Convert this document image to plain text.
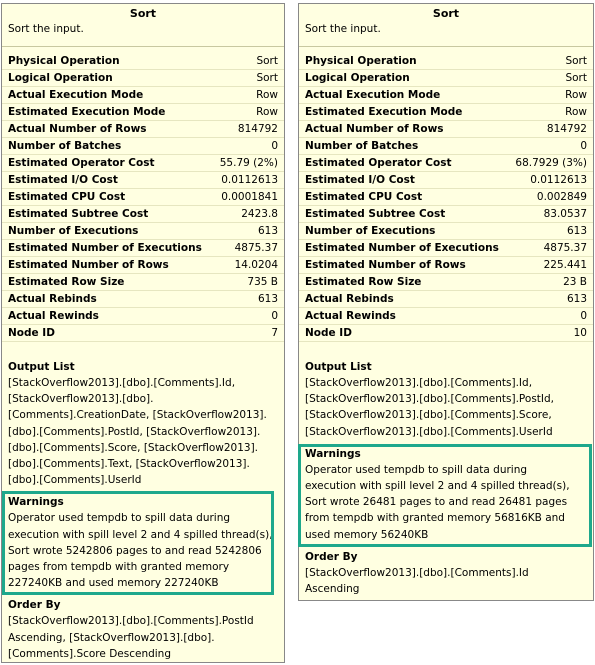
Sort
Sort the input.
Physical Operation	Sort
Logical Operation	Sort
Actual Execution Mode	Row
Estimated Execution Mode	Row
Actual Number of Rows	814792
Number of Batches	0
Estimated Operator Cost	55.79 (2%)
Estimated I/O Cost	0.0112613
Estimated CPU Cost	0.0001841
Estimated Subtree Cost	2423.8
Number of Executions	613
Estimated Number of Executions	4875.37
Estimated Number of Rows	14.0204
Estimated Row Size	735 B
Actual Rebinds	613
Actual Rewinds	0
Node ID	7
Output List
[StackOverflow2013].[dbo].[Comments].Id,
[StackOverflow2013].[dbo].
[Comments].CreationDate, [StackOverflow2013].
[dbo].[Comments].PostId, [StackOverflow2013].
[dbo].[Comments].Score, [StackOverflow2013].
[dbo].[Comments].Text, [StackOverflow2013].
[dbo].[Comments].UserId
Warnings
Operator used tempdb to spill data during
execution with spill level 2 and 4 spilled thread(s),
Sort wrote 5242806 pages to and read 5242806
pages from tempdb with granted memory
227240KB and used memory 227240KB
Order By
[StackOverflow2013].[dbo].[Comments].PostId
Ascending, [StackOverflow2013].[dbo].
[Comments].Score Descending
Sort
Sort the input.
Physical Operation	Sort
Logical Operation	Sort
Actual Execution Mode	Row
Estimated Execution Mode	Row
Actual Number of Rows	814792
Number of Batches	0
Estimated Operator Cost	68.7929 (3%)
Estimated I/O Cost	0.0112613
Estimated CPU Cost	0.002849
Estimated Subtree Cost	83.0537
Number of Executions	613
Estimated Number of Executions	4875.37
Estimated Number of Rows	225.441
Estimated Row Size	23 B
Actual Rebinds	613
Actual Rewinds	0
Node ID	10
Output List
[StackOverflow2013].[dbo].[Comments].Id,
[StackOverflow2013].[dbo].[Comments].PostId,
[StackOverflow2013].[dbo].[Comments].Score,
[StackOverflow2013].[dbo].[Comments].UserId
Warnings
Operator used tempdb to spill data during
execution with spill level 2 and 4 spilled thread(s),
Sort wrote 26481 pages to and read 26481 pages
from tempdb with granted memory 56816KB and
used memory 56240KB
Order By
[StackOverflow2013].[dbo].[Comments].Id
Ascending
